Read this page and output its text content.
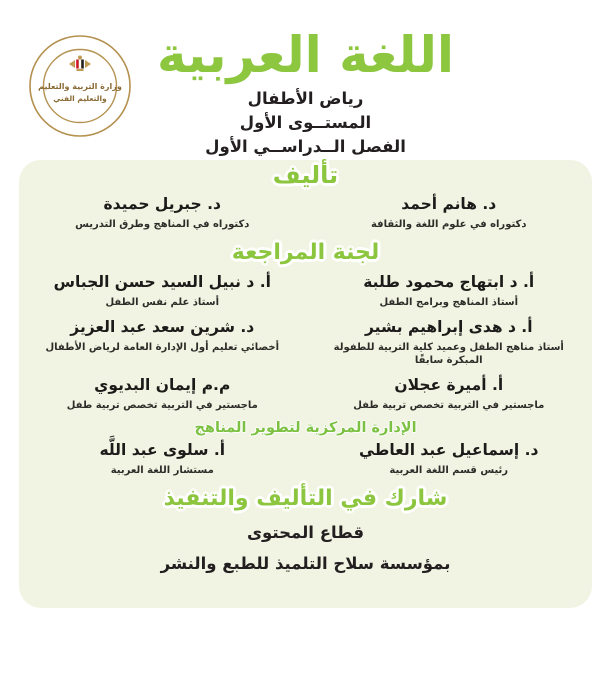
وزارة التربية والتعليم
والتعليم الفني
اللغة العربية
رياض الأطفال
المستــوى الأول
الفصل الــدراســي الأول
تأليف
د. هانم أحمد
دكتوراه في علوم اللغة والثقافة
د. جبريل حميدة
دكتوراه في المناهج وطرق التدريس
لجنة المراجعة
أ. د ابتهاج محمود طلبة
أستاذ المناهج وبرامج الطفل
أ. د نبيل السيد حسن الجباس
أستاذ علم نفس الطفل
أ. د هدى إبراهيم بشير
أستاذ مناهج الطفل وعميد كلية التربية للطفولة المبكرة سابقًا
د. شرين سعد عبد العزيز
أخصائي تعليم أول الإدارة العامة لرياض الأطفال
أ. أميرة عجلان
ماجستير في التربية تخصص تربية طفل
م.م إيمان البديوي
ماجستير في التربية تخصص تربية طفل
الإدارة المركزية لتطوير المناهج
د. إسماعيل عبد العاطي
رئيس قسم اللغة العربية
أ. سلوى عبد اللَّه
مستشار اللغة العربية
شارك في التأليف والتنفيذ
قطاع المحتوى
بمؤسسة سلاح التلميذ للطبع والنشر
